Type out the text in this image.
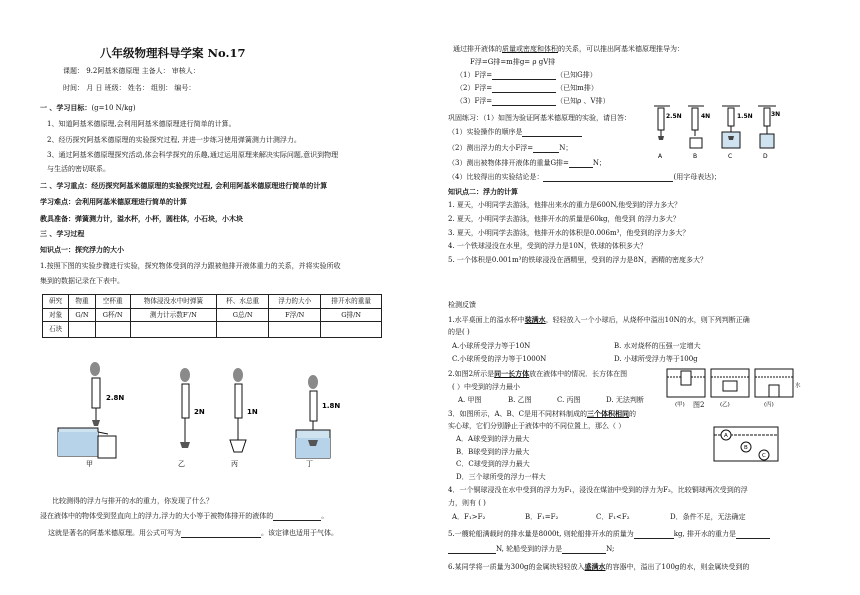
八年级物理科导学案 No.17
课题： 9.2阿基米德原理 主备人： 审核人：
时间： 月 日 班级： 姓名： 组别： 编号：
一 、学习目标：(g=10 N/kg)
1、知道阿基米德原理,会利用阿基米德原理进行简单的计算。
2、经历探究阿基米德原理的实验探究过程, 并进一步练习使用弹簧测力计测浮力。
3、通过阿基米德原理探究活动,体会科学探究的乐趣,通过运用原理来解决实际问题,意识到物理
与生活的密切联系。
二 、学习重点：经历探究阿基米德原理的实验探究过程, 会利用阿基米德原理进行简单的计算
学习难点：会利用阿基米德原理进行简单的计算
教具准备：弹簧测力计，溢水杯，小杯，圆柱体，小石块，小木块
三 、学习过程
知识点一：探究浮力的大小
1.按照下图的实验步骤进行实验，探究物体受到的浮力跟被他排开液体重力的关系，并将实验所收
集到的数据记录在下表中。
研究	物重	空杯重	物体浸没水中时弹簧	杯、水总重	浮力的大小	排开水的重量
对象	G/N	G杯/N	测力计示数F′/N	G总/N	F浮/N	G排/N
石块						
2.8N
甲
2N
乙
1N
丙
1.8N
丁
比较测得的浮力与排开的水的重力，你发现了什么？
浸在液体中的物体受到竖直向上的浮力,浮力的大小等于被物体排开的液体的	。
这就是著名的阿基米德原理。用公式可写为	。该定律也适用于气体。
通过排开液体的质量或密度和体积的关系，可以推出阿基米德原理推导为：
F浮=G排=m排g= ρ gV排
（1）F浮=	（已知G排）
（2）F浮=	（已知m排）
（3）F浮=	（已知ρ 、V排）
巩固练习：（1）如图为验证阿基米德原理的实验，请目答：
（1）实验操作的顺序是
（2）测出浮力的大小F浮=	N；
（3）测出被物体排开液体的重量G排=	N；
（4）比较得出的实验结论是：	(用字母表达)；
2.5N
A
4N
B
1.5N
C
3N
D
知识点二：浮力的计算
1. 夏天，小明同学去游泳，他排出来水的重力是600N,他受到的浮力多大？
2. 夏天，小明同学去游泳，他排开水的质量是60kg，他受到 的浮力多大？
3. 夏天，小明同学去游泳，他排开水的体积是0.006m³，他受到的浮力多大？
4. 一个铁球浸没在水里，受到的浮力是10N，铁球的体积多大？
5. 一个体积是0.001m³的铁球浸没在酒精里，受到的浮力是8N，酒精的密度多大？
检测反馈
1.水平桌面上的溢水杯中装满水，轻轻放入一个小球后，从烧杯中溢出10N的水，则下列判断正确
的是( )
A.小球所受浮力等于10N	B. 水对烧杯的压强一定增大
C.小球所受的浮力等于1000N	D. 小球所受浮力等于100g
2.如图2所示是同一长方体放在液体中的情况．长方体在图
( ）中受到的浮力最小
A. 甲图	B. 乙图	C. 丙图	D. 无法判断
(甲)	(乙)	(丙)
水
图2
3．如图所示，A、B、C是用不同材料制成的三个体积相同的
实心球，它们分别静止于液体中的不同位置上，那么（ ）
A．A球受到的浮力最大
B．B球受到的浮力最大
C．C球受到的浮力最大
D．三个球所受的浮力一样大
A
B
C
4．一个铜球浸没在水中受到的浮力为F₁，浸没在煤油中受到的浮力为F₂，比较铜球两次受到的浮
力，则有 ( )
A．F₁>F₂	B．F₁=F₂	C．F₁<F₂	D．条件不足，无法确定
5.一艘轮船满载时的排水量是8000t, 则轮船排开水的质量为	kg, 排开水的重力是
N, 轮船受到的浮力是	N;
6.某同学将一质量为300g的金属块轻轻放入盛满水的容器中，溢出了100g的水，则金属块受到的
